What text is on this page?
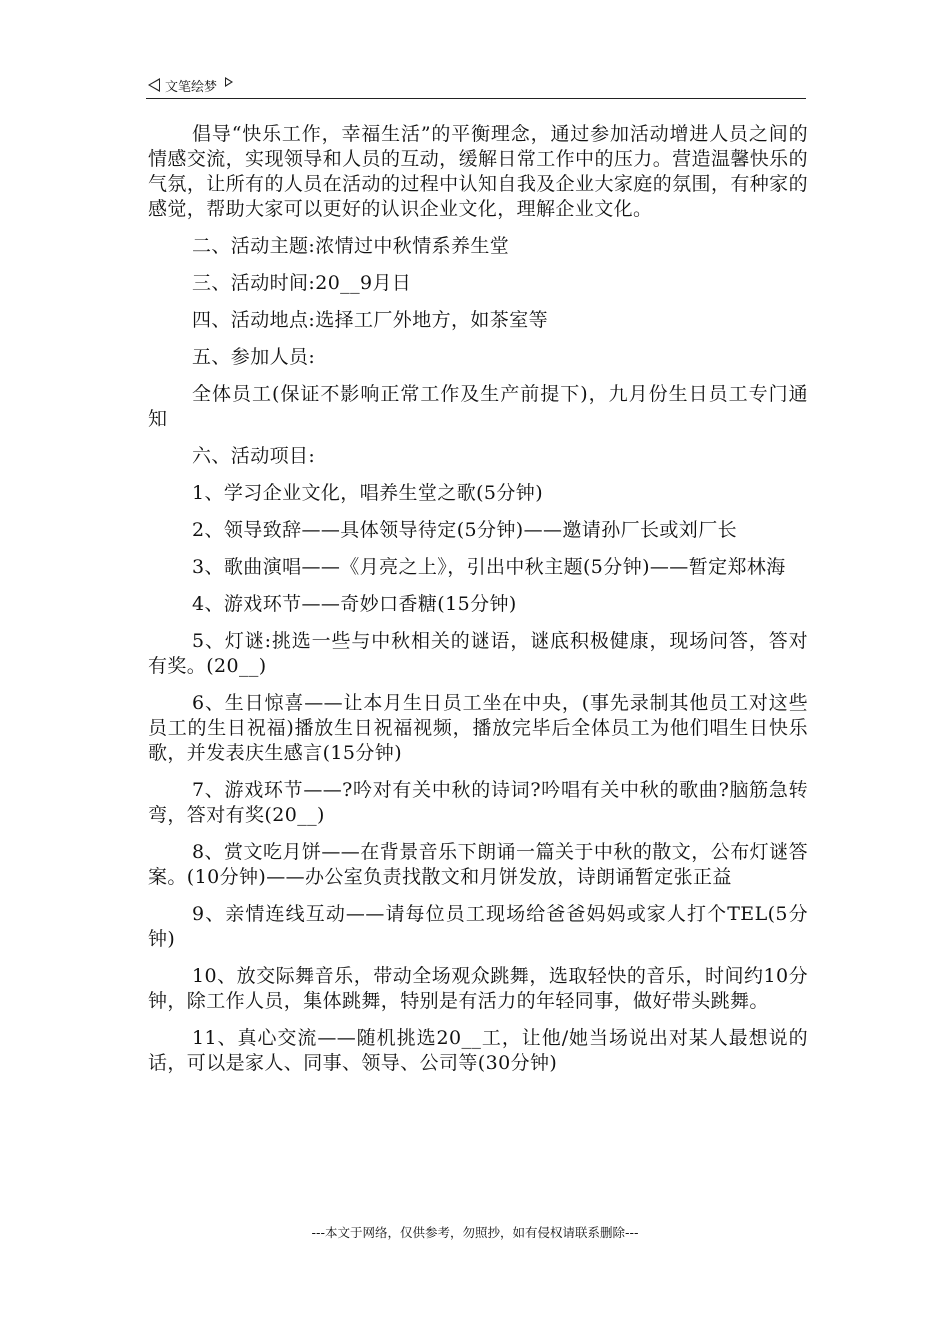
文笔绘梦

倡导“快乐工作，幸福生活”的平衡理念，通过参加活动增进人员之间的情感交流，实现领导和人员的互动，缓解日常工作中的压力。营造温馨快乐的气氛，让所有的人员在活动的过程中认知自我及企业大家庭的氛围，有种家的感觉，帮助大家可以更好的认识企业文化，理解企业文化。

二、活动主题:浓情过中秋情系养生堂

三、活动时间:20__9月日

四、活动地点:选择工厂外地方，如茶室等

五、参加人员:

全体员工(保证不影响正常工作及生产前提下)，九月份生日员工专门通知

六、活动项目:

1、学习企业文化，唱养生堂之歌(5分钟)

2、领导致辞——具体领导待定(5分钟)——邀请孙厂长或刘厂长

3、歌曲演唱——《月亮之上》，引出中秋主题(5分钟)——暂定郑林海

4、游戏环节——奇妙口香糖(15分钟)

5、灯谜:挑选一些与中秋相关的谜语，谜底积极健康，现场问答，答对有奖。(20__)

6、生日惊喜——让本月生日员工坐在中央，(事先录制其他员工对这些员工的生日祝福)播放生日祝福视频，播放完毕后全体员工为他们唱生日快乐歌，并发表庆生感言(15分钟)

7、游戏环节——?吟对有关中秋的诗词?吟唱有关中秋的歌曲?脑筋急转弯，答对有奖(20__)

8、赏文吃月饼——在背景音乐下朗诵一篇关于中秋的散文，公布灯谜答案。(10分钟)——办公室负责找散文和月饼发放，诗朗诵暂定张正益

9、亲情连线互动——请每位员工现场给爸爸妈妈或家人打个TEL(5分钟)

10、放交际舞音乐，带动全场观众跳舞，选取轻快的音乐，时间约10分钟，除工作人员，集体跳舞，特别是有活力的年轻同事，做好带头跳舞。

11、真心交流——随机挑选20__工，让他/她当场说出对某人最想说的话，可以是家人、同事、领导、公司等(30分钟)

---本文于网络，仅供参考，勿照抄，如有侵权请联系删除---
